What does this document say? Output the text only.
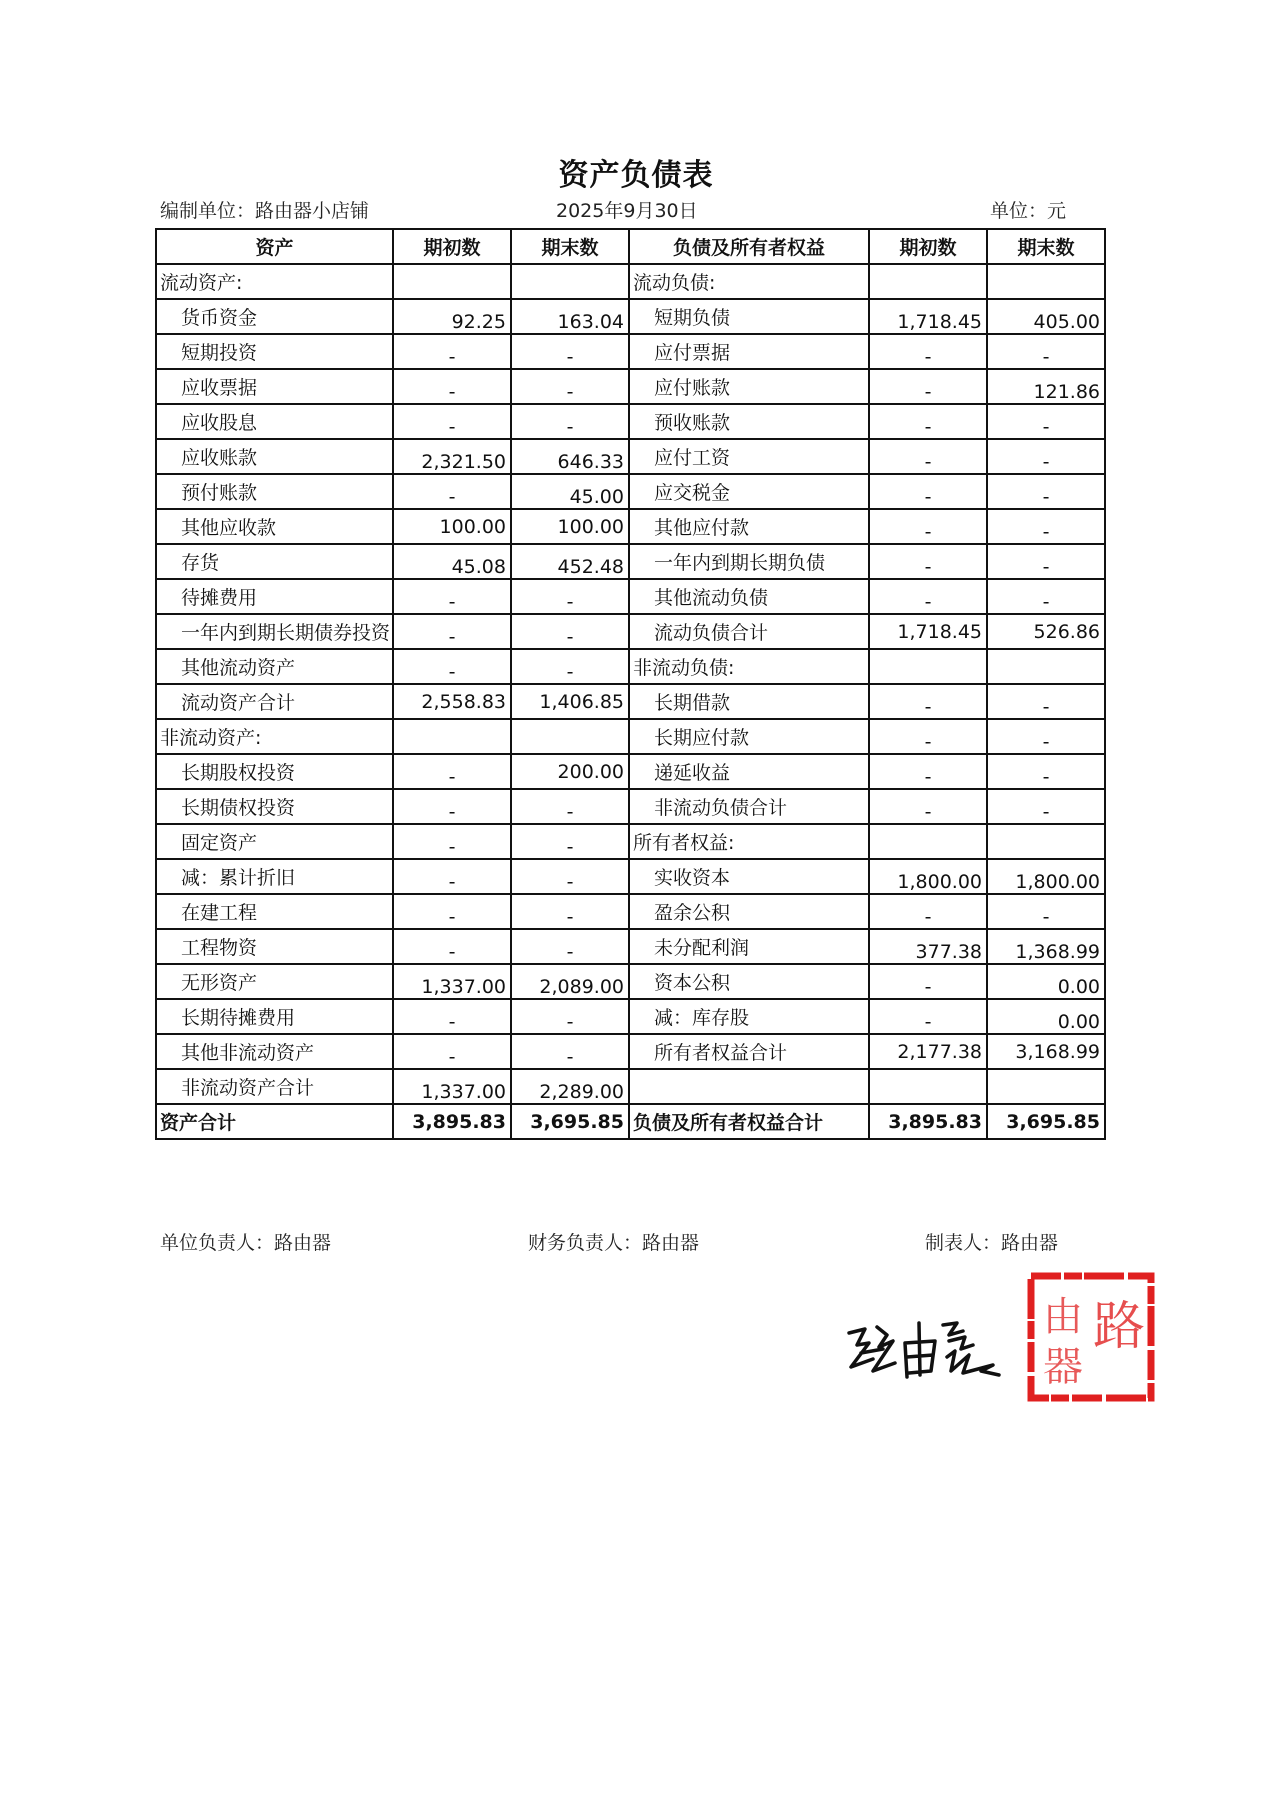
资产负债表
编制单位：路由器小店铺	2025年9月30日	单位：元
资产	期初数	期末数	负债及所有者权益	期初数	期末数
流动资产:			流动负债:		
货币资金	92.25	163.04	短期负债	1,718.45	405.00
短期投资	-	-	应付票据	-	-
应收票据	-	-	应付账款	-	121.86
应收股息	-	-	预收账款	-	-
应收账款	2,321.50	646.33	应付工资	-	-
预付账款	-	45.00	应交税金	-	-
其他应收款	100.00	100.00	其他应付款	-	-
存货	45.08	452.48	一年内到期长期负债	-	-
待摊费用	-	-	其他流动负债	-	-
一年内到期长期债券投资	-	-	流动负债合计	1,718.45	526.86
其他流动资产	-	-	非流动负债:		
流动资产合计	2,558.83	1,406.85	长期借款	-	-
非流动资产:			长期应付款	-	-
长期股权投资	-	200.00	递延收益	-	-
长期债权投资	-	-	非流动负债合计	-	-
固定资产	-	-	所有者权益:		
减：累计折旧	-	-	实收资本	1,800.00	1,800.00
在建工程	-	-	盈余公积	-	-
工程物资	-	-	未分配利润	377.38	1,368.99
无形资产	1,337.00	2,089.00	资本公积	-	0.00
长期待摊费用	-	-	减：库存股	-	0.00
其他非流动资产	-	-	所有者权益合计	2,177.38	3,168.99
非流动资产合计	1,337.00	2,289.00			
资产合计	3,895.83	3,695.85	负债及所有者权益合计	3,895.83	3,695.85
单位负责人：路由器	财务负责人：路由器	制表人：路由器
路
由
器
